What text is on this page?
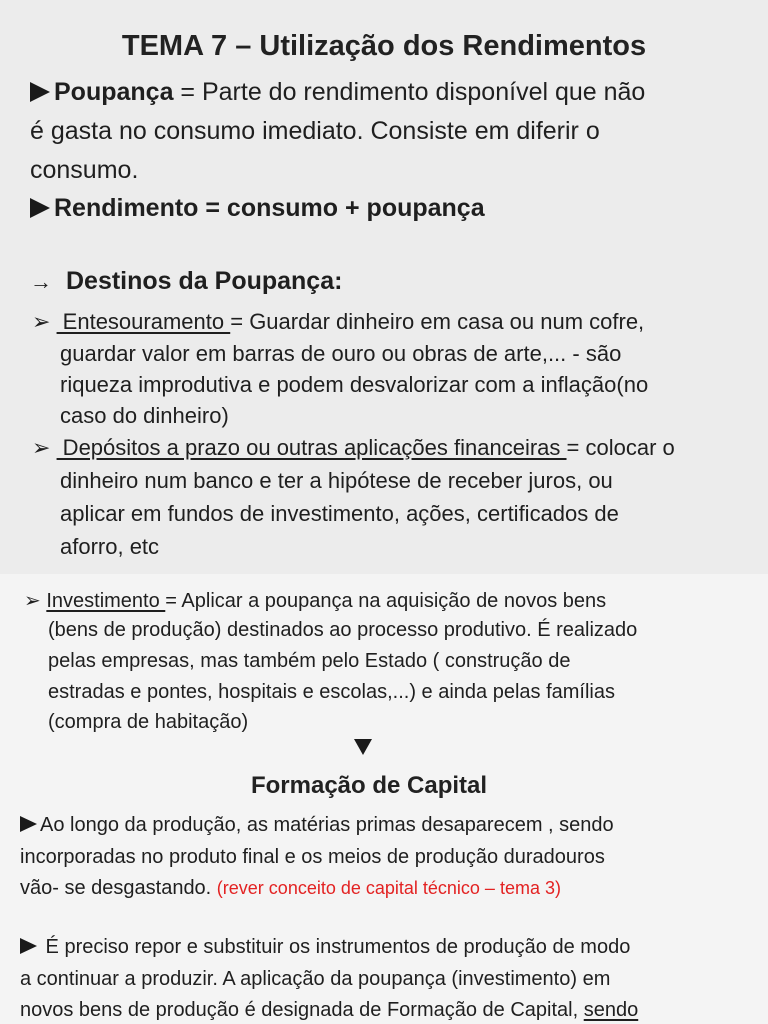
TEMA 7 – Utilização dos Rendimentos
Poupança = Parte do rendimento disponível que não
é gasta no consumo imediato. Consiste em diferir o
consumo.
Rendimento = consumo + poupança
→ Destinos da Poupança:
➢  Entesouramento = Guardar dinheiro em casa ou num cofre,
guardar valor em barras de ouro ou obras de arte,... - são
riqueza improdutiva e podem desvalorizar com a inflação(no
caso do dinheiro)
➢  Depósitos a prazo ou outras aplicações financeiras = colocar o
dinheiro num banco e ter a hipótese de receber juros, ou
aplicar em fundos de investimento, ações, certificados de
aforro, etc
➢ Investimento = Aplicar a poupança na aquisição de novos bens
(bens de produção) destinados ao processo produtivo. É realizado
pelas empresas, mas também pelo Estado ( construção de
estradas e pontes, hospitais e escolas,...) e ainda pelas famílias
(compra de habitação)
Formação de Capital
Ao longo da produção, as matérias primas desaparecem , sendo
incorporadas no produto final e os meios de produção duradouros
vão- se desgastando. (rever conceito de capital técnico – tema 3)
É preciso repor e substituir os instrumentos de produção de modo
a continuar a produzir. A aplicação da poupança (investimento) em
novos bens de produção é designada de Formação de Capital, sendo
